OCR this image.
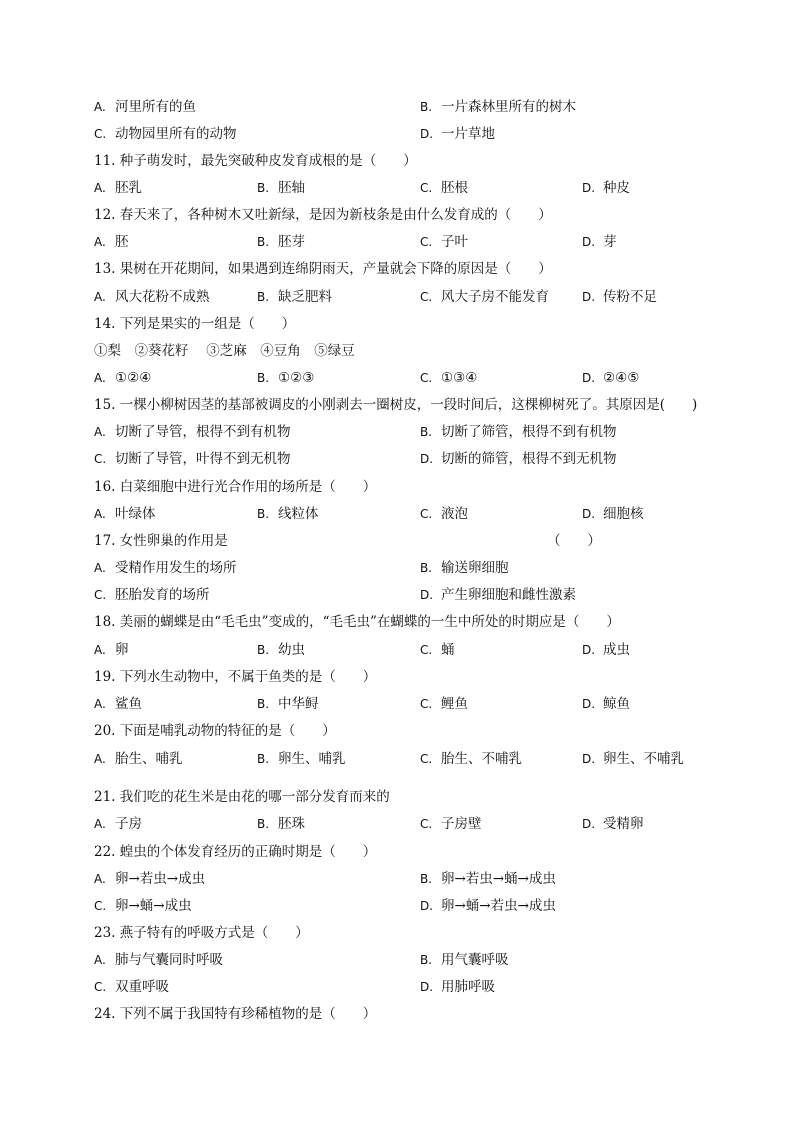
A. 河里所有的鱼	B. 一片森林里所有的树木
C. 动物园里所有的动物	D. 一片草地
11. 种子萌发时，最先突破种皮发育成根的是（　　）
A. 胚乳	B. 胚轴	C. 胚根	D. 种皮
12. 春天来了，各种树木又吐新绿，是因为新枝条是由什么发育成的（　　）
A. 胚	B. 胚芽	C. 子叶	D. 芽
13. 果树在开花期间，如果遇到连绵阴雨天，产量就会下降的原因是（　　）
A. 风大花粉不成熟	B. 缺乏肥料	C. 风大子房不能发育	D. 传粉不足
14. 下列是果实的一组是（　　）
①梨　②葵花籽　 ③芝麻　④豆角　⑤绿豆
A. ①②④	B. ①②③	C. ①③④	D. ②④⑤
15. 一棵小柳树因茎的基部被调皮的小刚剥去一圈树皮，一段时间后，这棵柳树死了。其原因是(　　)
A. 切断了导管，根得不到有机物	B. 切断了筛管，根得不到有机物
C. 切断了导管，叶得不到无机物	D. 切断的筛管，根得不到无机物
16. 白菜细胞中进行光合作用的场所是（　　）
A. 叶绿体	B. 线粒体	C. 液泡	D. 细胞核
17. 女性卵巢的作用是	（　　）
A. 受精作用发生的场所	B. 输送卵细胞
C. 胚胎发育的场所	D. 产生卵细胞和雌性激素
18. 美丽的蝴蝶是由“毛毛虫”变成的，“毛毛虫”在蝴蝶的一生中所处的时期应是（　　）
A. 卵	B. 幼虫	C. 蛹	D. 成虫
19. 下列水生动物中，不属于鱼类的是（　　）
A. 鲨鱼	B. 中华鲟	C. 鲤鱼	D. 鲸鱼
20. 下面是哺乳动物的特征的是（　　）
A. 胎生、哺乳	B. 卵生、哺乳	C. 胎生、不哺乳	D. 卵生、不哺乳
21. 我们吃的花生米是由花的哪一部分发育而来的
A. 子房	B. 胚珠	C. 子房壁	D. 受精卵
22. 蝗虫的个体发育经历的正确时期是（　　）
A. 卵→若虫→成虫	B. 卵→若虫→蛹→成虫
C. 卵→蛹→成虫	D. 卵→蛹→若虫→成虫
23. 燕子特有的呼吸方式是（　　）
A. 肺与气囊同时呼吸	B. 用气囊呼吸
C. 双重呼吸	D. 用肺呼吸
24. 下列不属于我国特有珍稀植物的是（　　）
